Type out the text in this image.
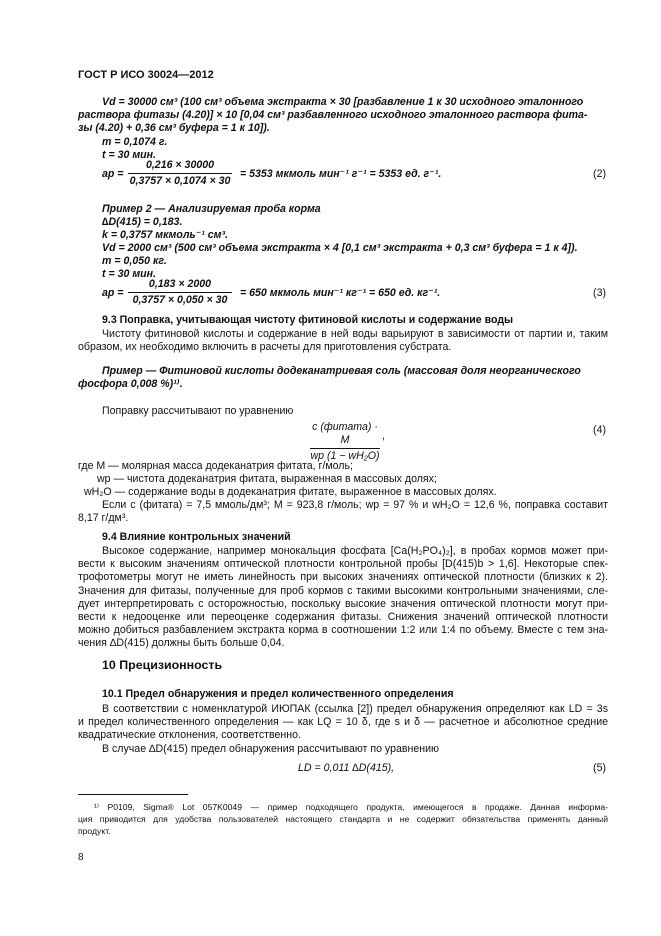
ГОСТ Р ИСО 30024—2012
Vd = 30000 см³ (100 см³ объема экстракта × 30 [разбавление 1 к 30 исходного эталонного
раствора фитазы (4.20)] × 10 [0,04 см³ разбавленного исходного эталонного раствора фита-
зы (4.20) + 0,36 см³ буфера = 1 к 10]).
m = 0,1074 г.
t = 30 мин.
ap =
0,216 × 30000
0,3757 × 0,1074 × 30
= 5353 мкмоль мин⁻¹ г⁻¹ = 5353 ед. г⁻¹.	(2)
Пример 2 — Анализируемая проба корма
∆D(415) = 0,183.
k = 0,3757 мкмоль⁻¹ см³.
Vd = 2000 см³ (500 см³ объема экстракта × 4 [0,1 см³ экстракта + 0,3 см³ буфера = 1 к 4]).
m = 0,050 кг.
t = 30 мин.
ap =
0,183 × 2000
0,3757 × 0,050 × 30
= 650 мкмоль мин⁻¹ кг⁻¹ = 650 ед. кг⁻¹.	(3)
9.3 Поправка, учитывающая чистоту фитиновой кислоты и содержание воды
Чистоту фитиновой кислоты и содержание в ней воды варьируют в зависимости от партии и, таким
образом, их необходимо включить в расчеты для приготовления субстрата.
Пример — Фитиновой кислоты додеканатриевая соль (массовая доля неорганического
фосфора 0,008 %)¹⁾.
Поправку рассчитывают по уравнению
с (фитата) · M
wp (1 − wH₂O)
,	(4)
где M — молярная масса додеканатрия фитата, г/моль;
wp — чистота додеканатрия фитата, выраженная в массовых долях;
wH₂O — содержание воды в додеканатрия фитате, выраженное в массовых долях.
Если с (фитата) = 7,5 ммоль/дм³; M = 923,8 г/моль; wp = 97 % и wH₂O = 12,6 %, поправка составит
8,17 г/дм³.
9.4 Влияние контрольных значений
Высокое содержание, например монокальция фосфата [Ca(H₂PO₄)₂], в пробах кормов может при-
вести к высоким значениям оптической плотности контрольной пробы [D(415)b > 1,6]. Некоторые спек-
трофотометры могут не иметь линейность при высоких значениях оптической плотности (близких к 2).
Значения для фитазы, полученные для проб кормов с такими высокими контрольными значениями, сле-
дует интерпретировать с осторожностью, поскольку высокие значения оптической плотности могут при-
вести к недооценке или переоценке содержания фитазы. Снижения значений оптической плотности
можно добиться разбавлением экстракта корма в соотношении 1:2 или 1:4 по объему. Вместе с тем зна-
чения ∆D(415) должны быть больше 0,04.
10 Прецизионность
10.1 Предел обнаружения и предел количественного определения
В соответствии с номенклатурой ИЮПАК (ссылка [2]) предел обнаружения определяют как LD = 3s
и предел количественного определения — как LQ = 10 δ, где s и δ — расчетное и абсолютное средние
квадратические отклонения, соответственно.
В случае ∆D(415) предел обнаружения рассчитывают по уравнению
LD = 0,011 ∆D(415),	(5)
¹⁾ P0109, Sigma® Lot 057K0049 — пример подходящего продукта, имеющегося в продаже. Данная информа-
ция приводится для удобства пользователей настоящего стандарта и не содержит обязательства применять данный
продукт.
8
